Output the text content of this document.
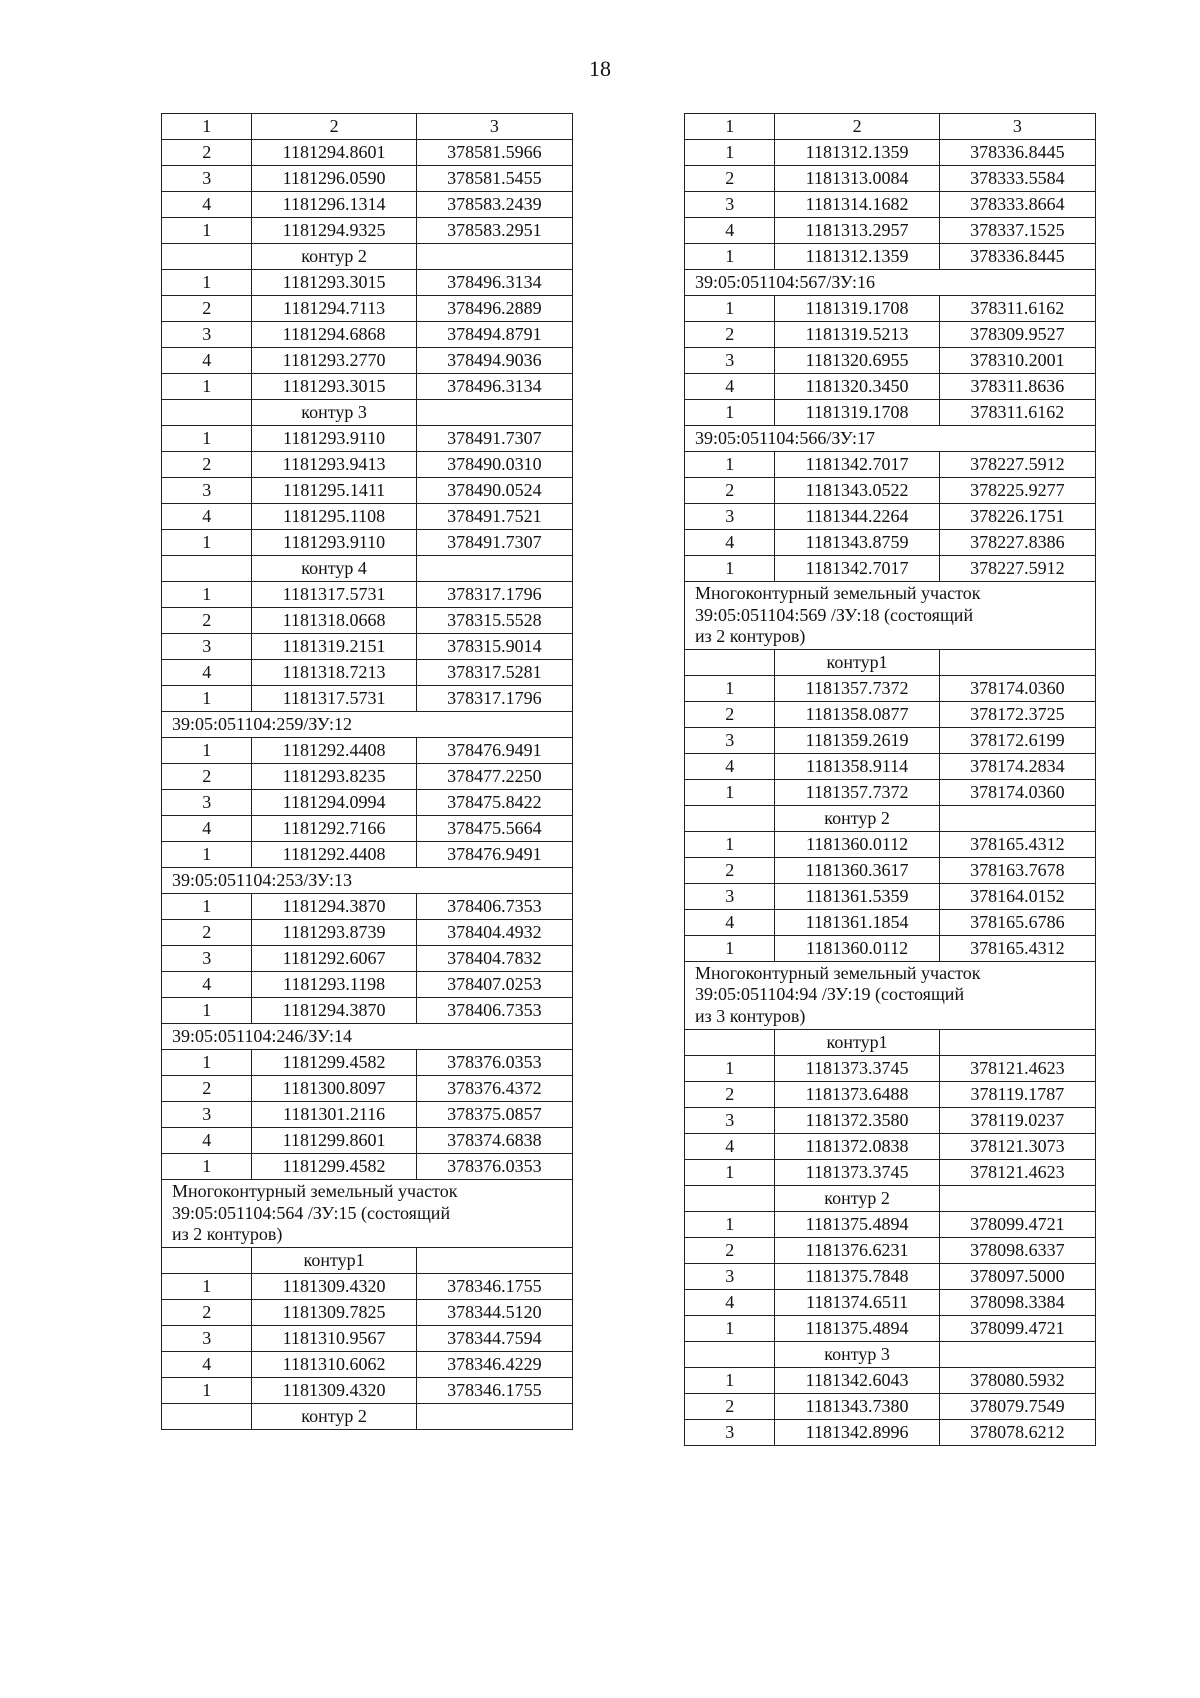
18
1	2	3
2	1181294.8601	378581.5966
3	1181296.0590	378581.5455
4	1181296.1314	378583.2439
1	1181294.9325	378583.2951
	контур 2	
1	1181293.3015	378496.3134
2	1181294.7113	378496.2889
3	1181294.6868	378494.8791
4	1181293.2770	378494.9036
1	1181293.3015	378496.3134
	контур 3	
1	1181293.9110	378491.7307
2	1181293.9413	378490.0310
3	1181295.1411	378490.0524
4	1181295.1108	378491.7521
1	1181293.9110	378491.7307
	контур 4	
1	1181317.5731	378317.1796
2	1181318.0668	378315.5528
3	1181319.2151	378315.9014
4	1181318.7213	378317.5281
1	1181317.5731	378317.1796

39:05:051104:259/ЗУ:12		

1	1181292.4408	378476.9491
2	1181293.8235	378477.2250
3	1181294.0994	378475.8422
4	1181292.7166	378475.5664
1	1181292.4408	378476.9491

39:05:051104:253/ЗУ:13		

1	1181294.3870	378406.7353
2	1181293.8739	378404.4932
3	1181292.6067	378404.7832
4	1181293.1198	378407.0253
1	1181294.3870	378406.7353

39:05:051104:246/ЗУ:14		

1	1181299.4582	378376.0353
2	1181300.8097	378376.4372
3	1181301.2116	378375.0857
4	1181299.8601	378374.6838
1	1181299.4582	378376.0353

Многоконтурный земельный участок
39:05:051104:564 /ЗУ:15 (состоящий
из 2 контуров)		

	контур1	
1	1181309.4320	378346.1755
2	1181309.7825	378344.5120
3	1181310.9567	378344.7594
4	1181310.6062	378346.4229
1	1181309.4320	378346.1755
	контур 2	
1	2	3
1	1181312.1359	378336.8445
2	1181313.0084	378333.5584
3	1181314.1682	378333.8664
4	1181313.2957	378337.1525
1	1181312.1359	378336.8445

39:05:051104:567/ЗУ:16		

1	1181319.1708	378311.6162
2	1181319.5213	378309.9527
3	1181320.6955	378310.2001
4	1181320.3450	378311.8636
1	1181319.1708	378311.6162

39:05:051104:566/ЗУ:17		

1	1181342.7017	378227.5912
2	1181343.0522	378225.9277
3	1181344.2264	378226.1751
4	1181343.8759	378227.8386
1	1181342.7017	378227.5912

Многоконтурный земельный участок
39:05:051104:569 /ЗУ:18 (состоящий
из 2 контуров)		

	контур1	
1	1181357.7372	378174.0360
2	1181358.0877	378172.3725
3	1181359.2619	378172.6199
4	1181358.9114	378174.2834
1	1181357.7372	378174.0360
	контур 2	
1	1181360.0112	378165.4312
2	1181360.3617	378163.7678
3	1181361.5359	378164.0152
4	1181361.1854	378165.6786
1	1181360.0112	378165.4312

Многоконтурный земельный участок
39:05:051104:94 /ЗУ:19 (состоящий
из 3 контуров)		

	контур1	
1	1181373.3745	378121.4623
2	1181373.6488	378119.1787
3	1181372.3580	378119.0237
4	1181372.0838	378121.3073
1	1181373.3745	378121.4623
	контур 2	
1	1181375.4894	378099.4721
2	1181376.6231	378098.6337
3	1181375.7848	378097.5000
4	1181374.6511	378098.3384
1	1181375.4894	378099.4721
	контур 3	
1	1181342.6043	378080.5932
2	1181343.7380	378079.7549
3	1181342.8996	378078.6212
